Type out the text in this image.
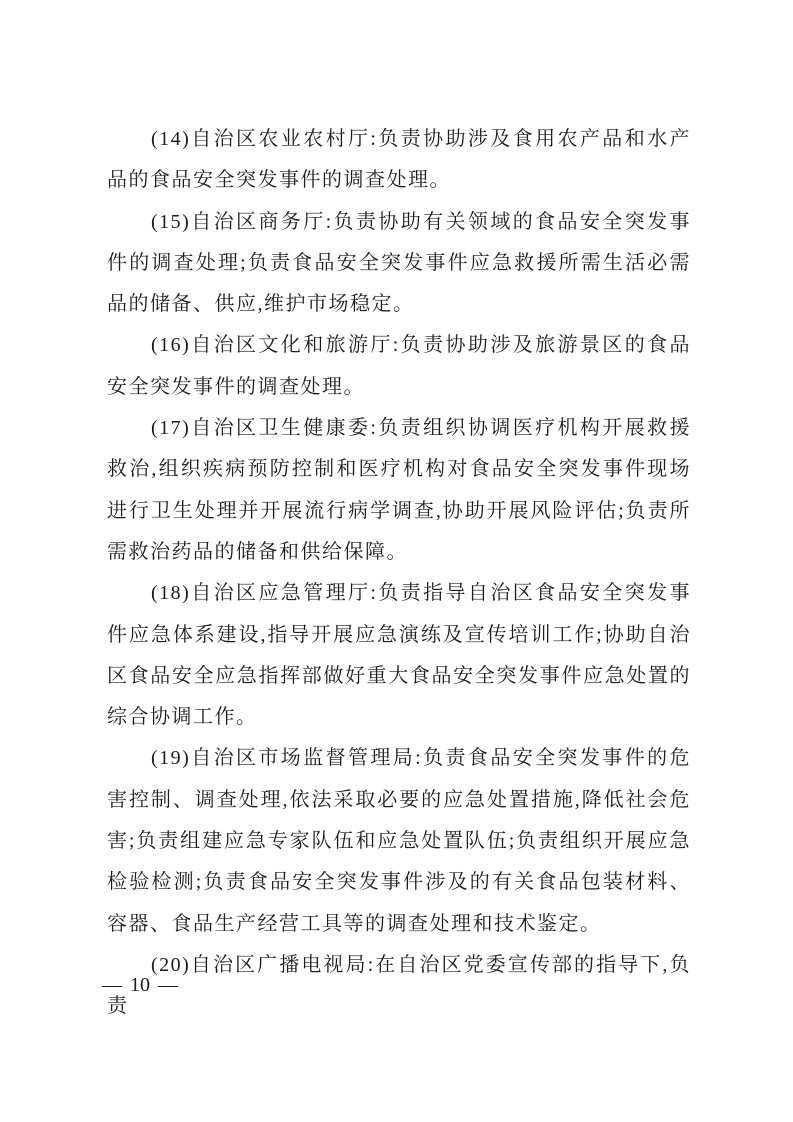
(14)自治区农业农村厅:负责协助涉及食用农产品和水产品的食品安全突发事件的调查处理。

(15)自治区商务厅:负责协助有关领域的食品安全突发事件的调查处理;负责食品安全突发事件应急救援所需生活必需品的储备、供应,维护市场稳定。

(16)自治区文化和旅游厅:负责协助涉及旅游景区的食品安全突发事件的调查处理。

(17)自治区卫生健康委:负责组织协调医疗机构开展救援救治,组织疾病预防控制和医疗机构对食品安全突发事件现场进行卫生处理并开展流行病学调查,协助开展风险评估;负责所需救治药品的储备和供给保障。

(18)自治区应急管理厅:负责指导自治区食品安全突发事件应急体系建设,指导开展应急演练及宣传培训工作;协助自治区食品安全应急指挥部做好重大食品安全突发事件应急处置的综合协调工作。

(19)自治区市场监督管理局:负责食品安全突发事件的危害控制、调查处理,依法采取必要的应急处置措施,降低社会危害;负责组建应急专家队伍和应急处置队伍;负责组织开展应急检验检测;负责食品安全突发事件涉及的有关食品包装材料、容器、食品生产经营工具等的调查处理和技术鉴定。

(20)自治区广播电视局:在自治区党委宣传部的指导下,负责

— 10 —
